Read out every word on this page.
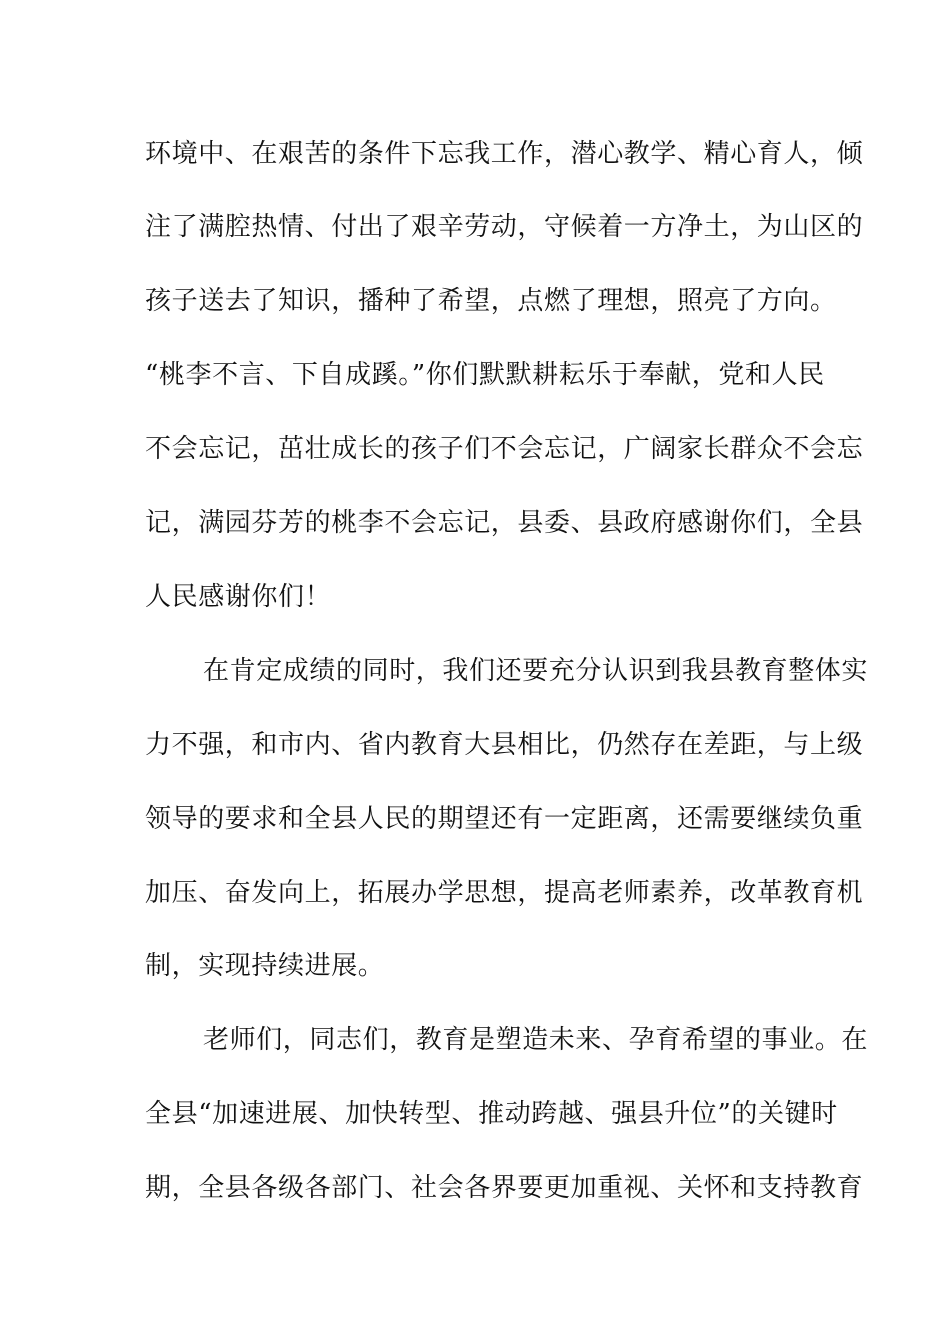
环境中、在艰苦的条件下忘我工作，潜心教学、精心育人，倾
注了满腔热情、付出了艰辛劳动，守候着一方净土，为山区的
孩子送去了知识，播种了希望，点燃了理想，照亮了方向。
“桃李不言、下自成蹊。”你们默默耕耘乐于奉献，党和人民
不会忘记，茁壮成长的孩子们不会忘记，广阔家长群众不会忘
记，满园芬芳的桃李不会忘记，县委、县政府感谢你们，全县
人民感谢你们！
在肯定成绩的同时，我们还要充分认识到我县教育整体实
力不强，和市内、省内教育大县相比，仍然存在差距，与上级
领导的要求和全县人民的期望还有一定距离，还需要继续负重
加压、奋发向上，拓展办学思想，提高老师素养，改革教育机
制，实现持续进展。
老师们，同志们，教育是塑造未来、孕育希望的事业。在
全县“加速进展、加快转型、推动跨越、强县升位”的关键时
期，全县各级各部门、社会各界要更加重视、关怀和支持教育
